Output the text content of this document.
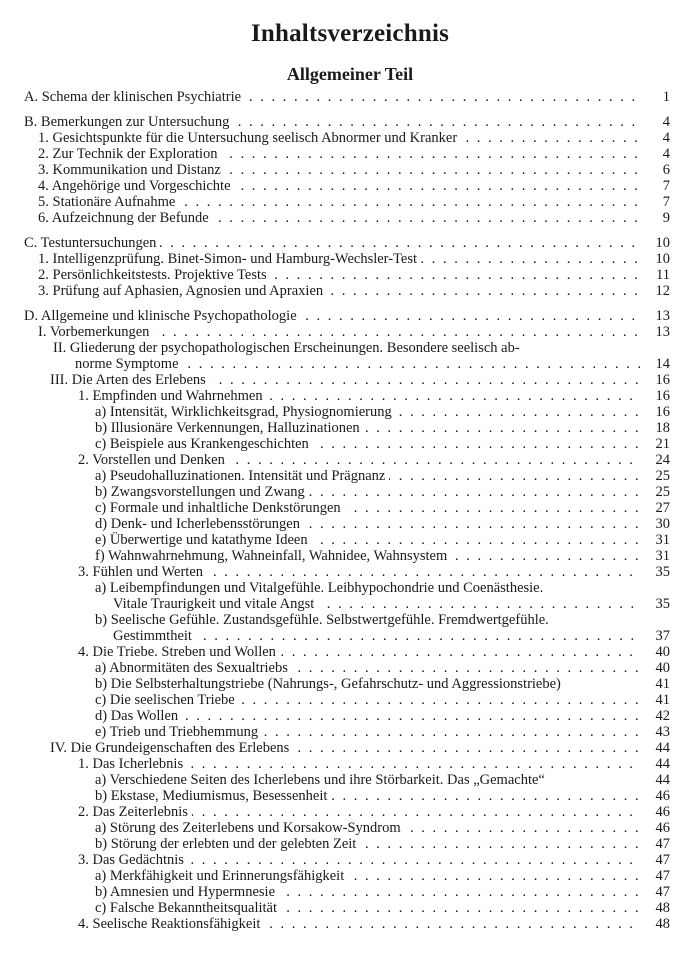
Inhaltsverzeichnis
Allgemeiner Teil
A. Schema der klinischen Psychiatrie . . .	1
B. Bemerkungen zur Untersuchung . . .	4
1. Gesichtspunkte für die Untersuchung seelisch Abnormer und Kranker . . .	4
2. Zur Technik der Exploration . . .	4
3. Kommunikation und Distanz . . .	6
4. Angehörige und Vorgeschichte . . .	7
5. Stationäre Aufnahme . . .	7
6. Aufzeichnung der Befunde . . .	9
C. Testuntersuchungen . . .	10
1. Intelligenzprüfung. Binet-Simon- und Hamburg-Wechsler-Test . . .	10
2. Persönlichkeitstests. Projektive Tests . . .	11
3. Prüfung auf Aphasien, Agnosien und Apraxien . . .	12
D. Allgemeine und klinische Psychopathologie . . .	13
I. Vorbemerkungen . . .	13
II. Gliederung der psychopathologischen Erscheinungen. Besondere seelisch ab-
norme Symptome . . .	14
III. Die Arten des Erlebens . . .	16
1. Empfinden und Wahrnehmen . . .	16
a) Intensität, Wirklichkeitsgrad, Physiognomierung . . .	16
b) Illusionäre Verkennungen, Halluzinationen . . .	18
c) Beispiele aus Krankengeschichten . . .	21
2. Vorstellen und Denken . . .	24
a) Pseudohalluzinationen. Intensität und Prägnanz . . .	25
b) Zwangsvorstellungen und Zwang . . .	25
c) Formale und inhaltliche Denkstörungen . . .	27
d) Denk- und Icherlebensstörungen . . .	30
e) Überwertige und katathyme Ideen . . .	31
f) Wahnwahrnehmung, Wahneinfall, Wahnidee, Wahnsystem . . .	31
3. Fühlen und Werten . . .	35
a) Leibempfindungen und Vitalgefühle. Leibhypochondrie und Coenästhesie.
Vitale Traurigkeit und vitale Angst . . .	35
b) Seelische Gefühle. Zustandsgefühle. Selbstwertgefühle. Fremdwertgefühle.
Gestimmtheit . . .	37
4. Die Triebe. Streben und Wollen . . .	40
a) Abnormitäten des Sexualtriebs . . .	40
b) Die Selbsterhaltungstriebe (Nahrungs-, Gefahrschutz- und Aggressionstriebe)	41
c) Die seelischen Triebe . . .	41
d) Das Wollen . . .	42
e) Trieb und Triebhemmung . . .	43
IV. Die Grundeigenschaften des Erlebens . . .	44
1. Das Icherlebnis . . .	44
a) Verschiedene Seiten des Icherlebens und ihre Störbarkeit. Das „Gemachte“	44
b) Ekstase, Mediumismus, Besessenheit . . .	46
2. Das Zeiterlebnis . . .	46
a) Störung des Zeiterlebens und Korsakow-Syndrom . . .	46
b) Störung der erlebten und der gelebten Zeit . . .	47
3. Das Gedächtnis . . .	47
a) Merkfähigkeit und Erinnerungsfähigkeit . . .	47
b) Amnesien und Hypermnesie . . .	47
c) Falsche Bekanntheitsqualität . . .	48
4. Seelische Reaktionsfähigkeit . . .	48
